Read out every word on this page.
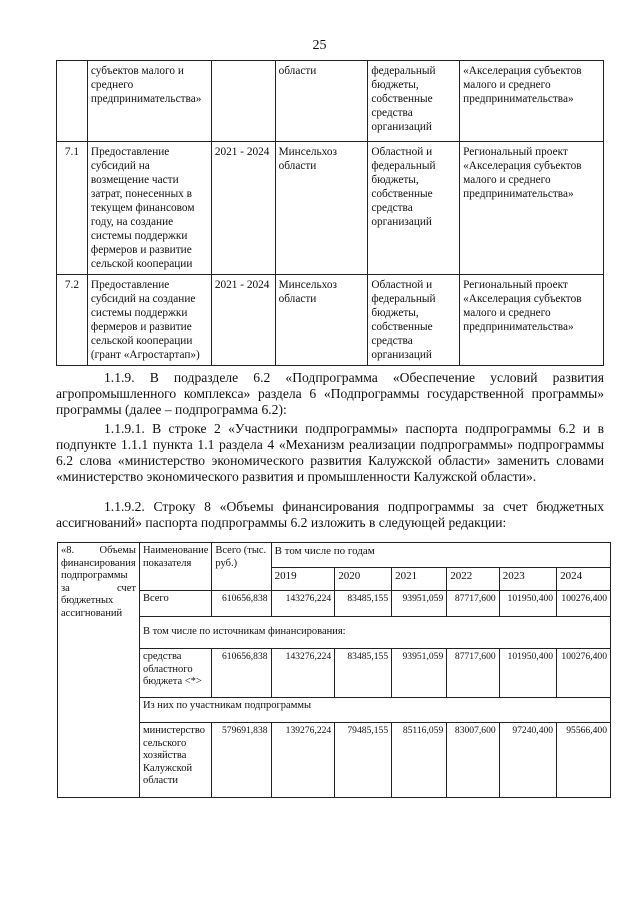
25
	субъектов малого и среднего предпринимательства»		области	федеральный бюджеты, собственные средства организаций	«Акселерация субъектов малого и среднего предпринимательства»
7.1	Предоставление субсидий на возмещение части затрат, понесенных в текущем финансовом году, на создание системы поддержки фермеров и развитие сельской кооперации	2021 - 2024	Минсельхоз области	Областной и федеральный бюджеты, собственные средства организаций	Региональный проект «Акселерация субъектов малого и среднего предпринимательства»
7.2	Предоставление субсидий на создание системы поддержки фермеров и развитие сельской кооперации (грант «Агростартап»)	2021 - 2024	Минсельхоз области	Областной и федеральный бюджеты, собственные средства организаций	Региональный проект «Акселерация субъектов малого и среднего предпринимательства»
1.1.9. В подразделе 6.2 «Подпрограмма «Обеспечение условий развития агропромышленного комплекса» раздела 6 «Подпрограммы государственной программы» программы (далее – подпрограмма 6.2):
1.1.9.1. В строке 2 «Участники подпрограммы» паспорта подпрограммы 6.2 и в подпункте 1.1.1 пункта 1.1 раздела 4 «Механизм реализации подпрограммы» подпрограммы 6.2 слова «министерство экономического развития Калужской области» заменить словами «министерство экономического развития и промышленности Калужской области».
1.1.9.2. Строку 8 «Объемы финансирования подпрограммы за счет бюджетных ассигнований» паспорта подпрограммы 6.2 изложить в следующей редакции:
«8. Объемы финансирования подпрограммы за счет бюджетных ассигнований	Наименование показателя	Всего (тыс. руб.)	В том числе по годам					
			2019	2020	2021	2022	2023	2024
	Всего	610656,838	143276,224	83485,155	93951,059	87717,600	101950,400	100276,400
	В том числе по источникам финансирования:							
	средства областного бюджета <*>	610656,838	143276,224	83485,155	93951,059	87717,600	101950,400	100276,400
	Из них по участникам подпрограммы							
	министерство сельского хозяйства Калужской области	579691,838	139276,224	79485,155	85116,059	83007,600	97240,400	95566,400
